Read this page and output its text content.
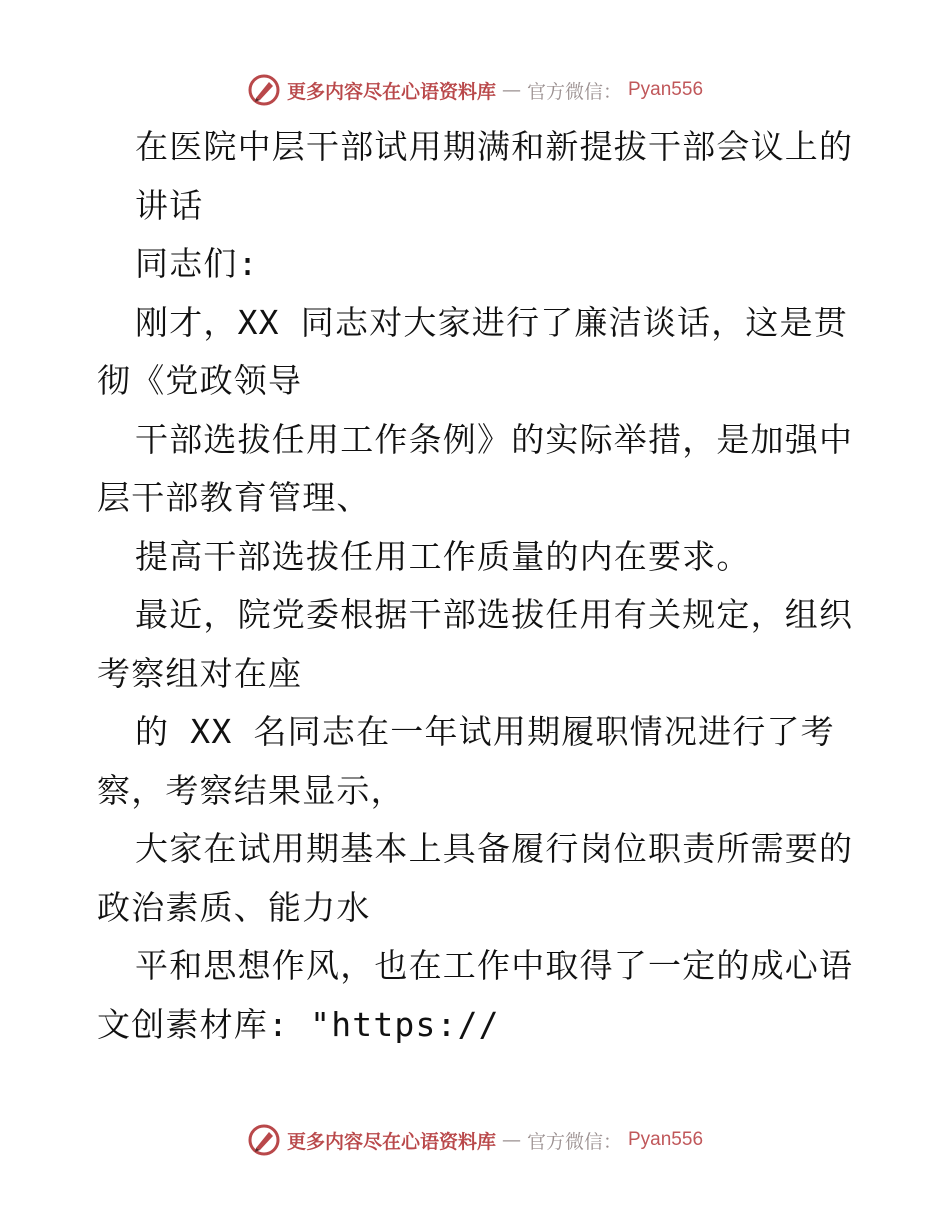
更多内容尽在心语资料库 — 官方微信： Pyan556
在医院中层干部试用期满和新提拔干部会议上的
讲话
同志们:
刚才，XX 同志对大家进行了廉洁谈话，这是贯
彻《党政领导
干部选拔任用工作条例》的实际举措，是加强中
层干部教育管理、
提高干部选拔任用工作质量的内在要求。
最近，院党委根据干部选拔任用有关规定，组织
考察组对在座
的 XX 名同志在一年试用期履职情况进行了考
察，考察结果显示，
大家在试用期基本上具备履行岗位职责所需要的
政治素质、能力水
平和思想作风，也在工作中取得了一定的成心语
文创素材库: "https://
更多内容尽在心语资料库 — 官方微信： Pyan556
